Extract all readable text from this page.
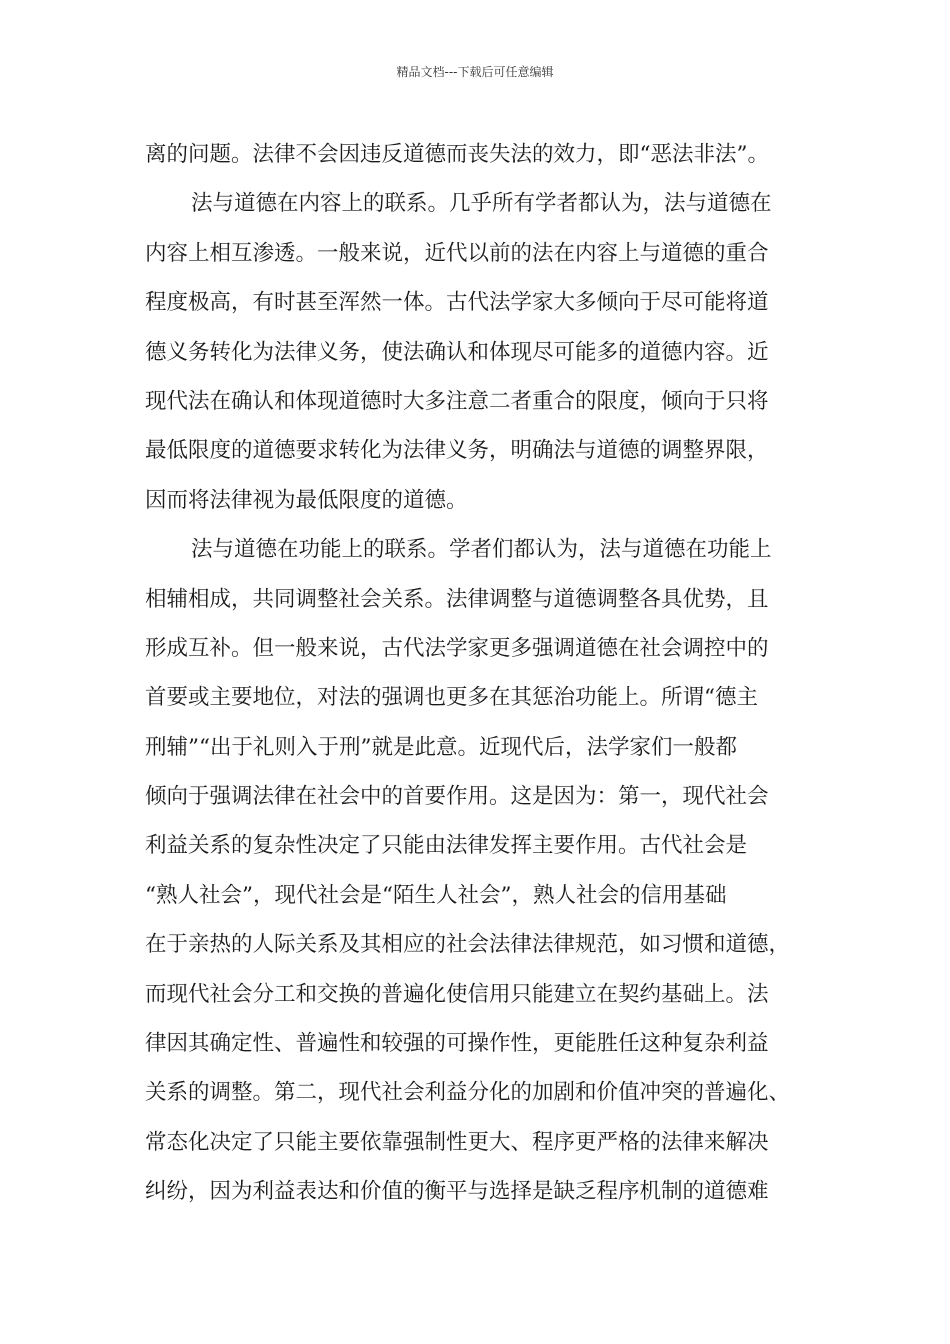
精品文档---下载后可任意编辑
离的问题。法律不会因违反道德而丧失法的效力，即“恶法非法”。
法与道德在内容上的联系。几乎所有学者都认为，法与道德在
内容上相互渗透。一般来说，近代以前的法在内容上与道德的重合
程度极高，有时甚至浑然一体。古代法学家大多倾向于尽可能将道
德义务转化为法律义务，使法确认和体现尽可能多的道德内容。近
现代法在确认和体现道德时大多注意二者重合的限度，倾向于只将
最低限度的道德要求转化为法律义务，明确法与道德的调整界限，
因而将法律视为最低限度的道德。
法与道德在功能上的联系。学者们都认为，法与道德在功能上
相辅相成，共同调整社会关系。法律调整与道德调整各具优势，且
形成互补。但一般来说，古代法学家更多强调道德在社会调控中的
首要或主要地位，对法的强调也更多在其惩治功能上。所谓“德主
刑辅”“出于礼则入于刑”就是此意。近现代后，法学家们一般都
倾向于强调法律在社会中的首要作用。这是因为：第一，现代社会
利益关系的复杂性决定了只能由法律发挥主要作用。古代社会是
“熟人社会”，现代社会是“陌生人社会”，熟人社会的信用基础
在于亲热的人际关系及其相应的社会法律法律规范，如习惯和道德，
而现代社会分工和交换的普遍化使信用只能建立在契约基础上。法
律因其确定性、普遍性和较强的可操作性，更能胜任这种复杂利益
关系的调整。第二，现代社会利益分化的加剧和价值冲突的普遍化、
常态化决定了只能主要依靠强制性更大、程序更严格的法律来解决
纠纷，因为利益表达和价值的衡平与选择是缺乏程序机制的道德难
